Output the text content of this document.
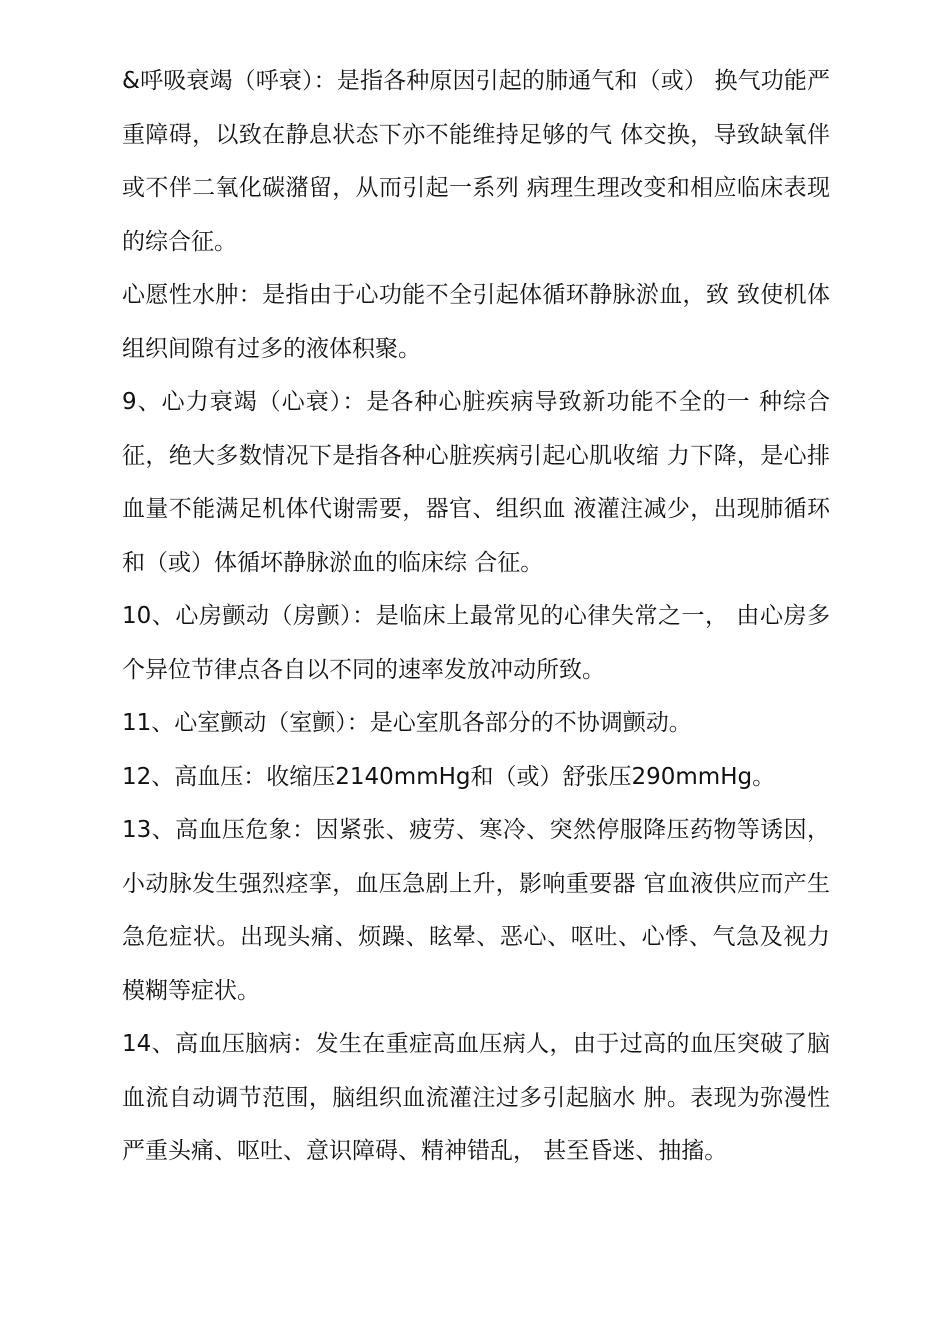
&呼吸衰竭（呼衰）：是指各种原因引起的肺通气和（或） 换气功能严重障碍，以致在静息状态下亦不能维持足够的气 体交换，导致缺氧伴或不伴二氧化碳潴留，从而引起一系列 病理生理改变和相应临床表现的综合征。

心愿性水肿：是指由于心功能不全引起体循环静脉淤血，致 致使机体组织间隙有过多的液体积聚。

9、心力衰竭（心衰）：是各种心脏疾病导致新功能不全的一 种综合征，绝大多数情况下是指各种心脏疾病引起心肌收缩 力下降，是心排血量不能满足机体代谢需要，器官、组织血 液灌注减少，出现肺循环和（或）体循坏静脉淤血的临床综 合征。

10、心房颤动（房颤）：是临床上最常见的心律失常之一， 由心房多个异位节律点各自以不同的速率发放冲动所致。

11、心室颤动（室颤）：是心室肌各部分的不协调颤动。

12、高血压：收缩压2140mmHg和（或）舒张压290mmHg。

13、高血压危象：因紧张、疲劳、寒冷、突然停服降压药物等诱因，小动脉发生强烈痉挛，血压急剧上升，影响重要器 官血液供应而产生急危症状。出现头痛、烦躁、眩晕、恶心、呕吐、心悸、气急及视力模糊等症状。

14、高血压脑病：发生在重症高血压病人，由于过高的血压突破了脑血流自动调节范围，脑组织血流灌注过多引起脑水 肿。表现为弥漫性严重头痛、呕吐、意识障碍、精神错乱， 甚至昏迷、抽搐。
